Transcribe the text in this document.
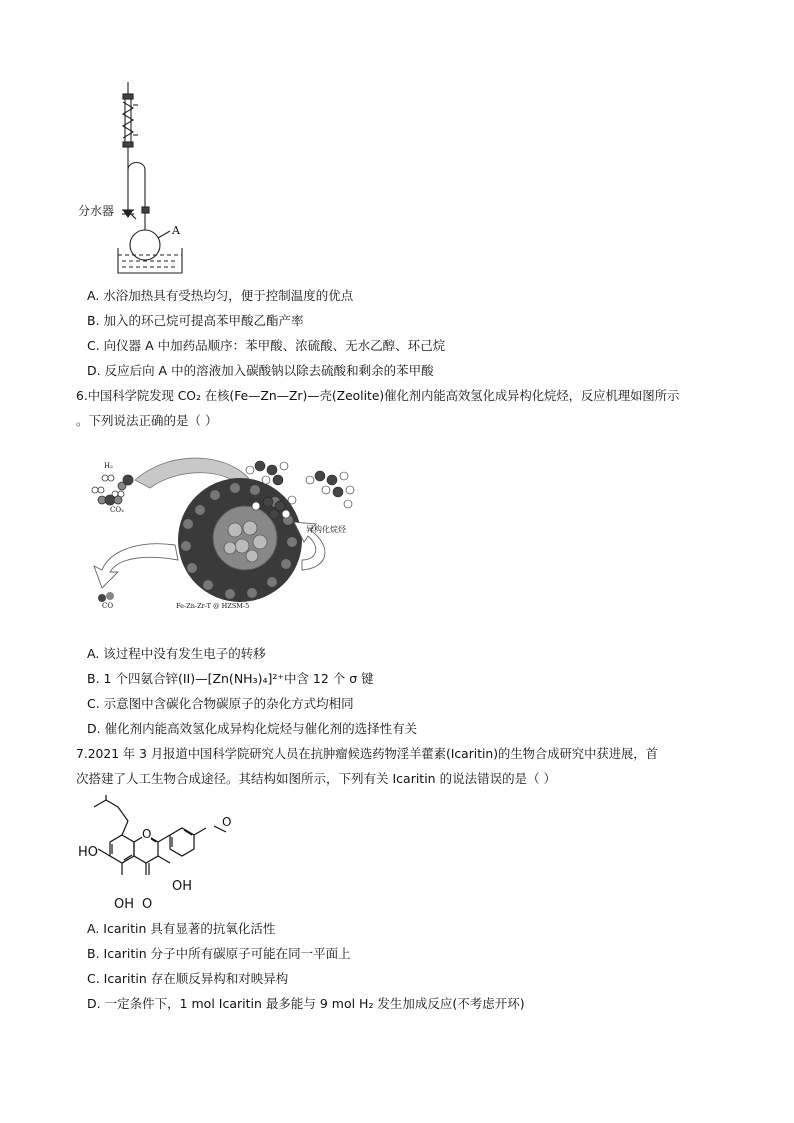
分水器
A
A. 水浴加热具有受热均匀，便于控制温度的优点
B. 加入的环己烷可提高苯甲酸乙酯产率
C. 向仪器 A 中加药品顺序：苯甲酸、浓硫酸、无水乙醇、环己烷
D. 反应后向 A 中的溶液加入碳酸钠以除去硫酸和剩余的苯甲酸
6.中国科学院发现 CO₂ 在核(Fe—Zn—Zr)—壳(Zeolite)催化剂内能高效氢化成异构化烷烃，反应机理如图所示
。下列说法正确的是（ ）
H₂
CO₂
CO
异构化烷烃
Fe-Zn-Zr-T @ HZSM-5
A. 该过程中没有发生电子的转移
B. 1 个四氨合锌(II)—[Zn(NH₃)₄]²⁺中含 12 个 σ 键
C. 示意图中含碳化合物碳原子的杂化方式均相同
D. 催化剂内能高效氢化成异构化烷烃与催化剂的选择性有关
7.2021 年 3 月报道中国科学院研究人员在抗肿瘤候选药物淫羊藿素(Icaritin)的生物合成研究中获进展，首
次搭建了人工生物合成途径。其结构如图所示，下列有关 Icaritin 的说法错误的是（ ）
HO
O
OH O
OH
O
A. Icaritin 具有显著的抗氧化活性
B. Icaritin 分子中所有碳原子可能在同一平面上
C. Icaritin 存在顺反异构和对映异构
D. 一定条件下，1 mol Icaritin 最多能与 9 mol H₂ 发生加成反应(不考虑开环)
